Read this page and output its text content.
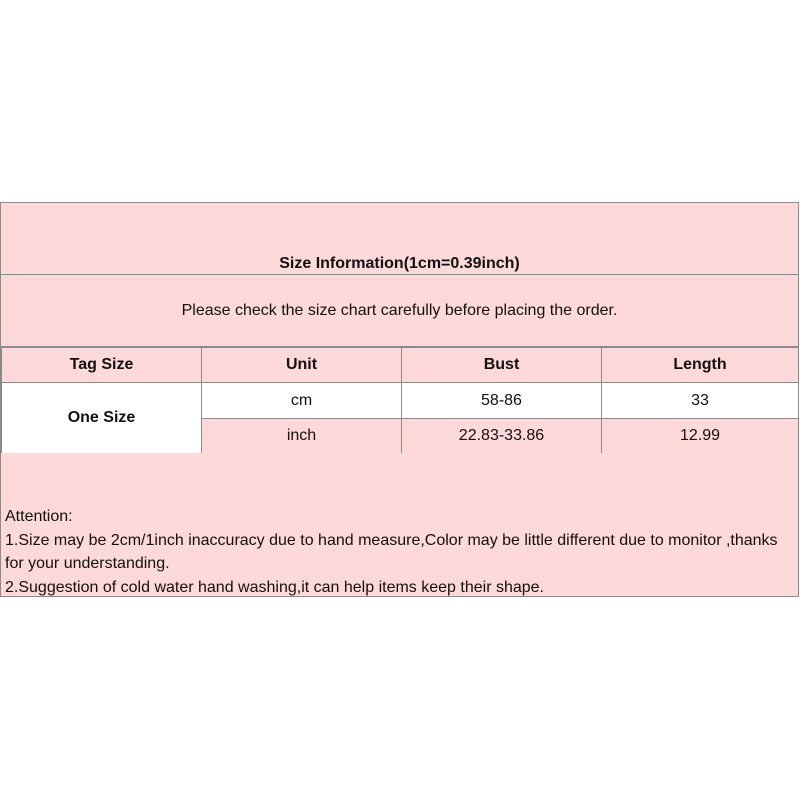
Size Information(1cm=0.39inch)
Please check the size chart carefully before placing the order.
Tag Size	Unit	Bust	Length
One Size	cm	58-86	33
	inch	22.83-33.86	12.99
Attention:
1.Size may be 2cm/1inch inaccuracy due to hand measure,Color may be little different due to monitor ,thanks for your understanding.
2.Suggestion of cold water hand washing,it can help items keep their shape.
